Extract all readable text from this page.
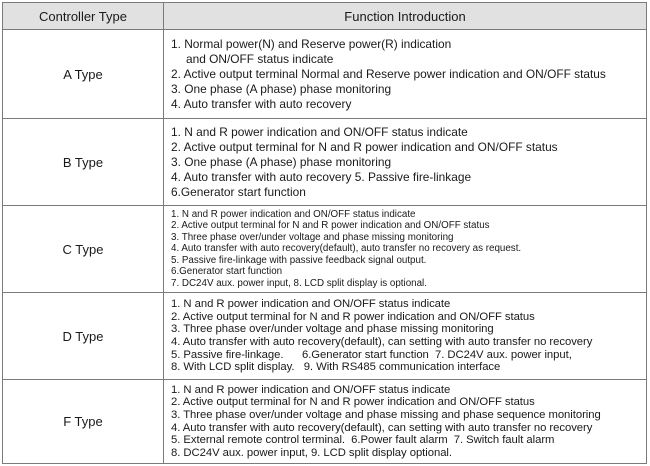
Controller Type	Function Introduction
A Type
1. Normal power(N) and Reserve power(R) indication
and ON/OFF status indicate
2. Active output terminal Normal and Reserve power indication and ON/OFF status
3. One phase (A phase) phase monitoring
4. Auto transfer with auto recovery
B Type
1. N and R power indication and ON/OFF status indicate
2. Active output terminal for N and R power indication and ON/OFF status
3. One phase (A phase) phase monitoring
4. Auto transfer with auto recovery 5. Passive fire-linkage
6.Generator start function
C Type
1. N and R power indication and ON/OFF status indicate
2. Active output terminal for N and R power indication and ON/OFF status
3. Three phase over/under voltage and phase missing monitoring
4. Auto transfer with auto recovery(default), auto transfer no recovery as request.
5. Passive fire-linkage with passive feedback signal output.
6.Generator start function
7. DC24V aux. power input, 8. LCD split display is optional.
D Type
1. N and R power indication and ON/OFF status indicate
2. Active output terminal for N and R power indication and ON/OFF status
3. Three phase over/under voltage and phase missing monitoring
4. Auto transfer with auto recovery(default), can setting with auto transfer no recovery
5. Passive fire-linkage.      6.Generator start function  7. DC24V aux. power input,
8. With LCD split display.   9. With RS485 communication interface
F Type
1. N and R power indication and ON/OFF status indicate
2. Active output terminal for N and R power indication and ON/OFF status
3. Three phase over/under voltage and phase missing and phase sequence monitoring
4. Auto transfer with auto recovery(default), can setting with auto transfer no recovery
5. External remote control terminal.  6.Power fault alarm  7. Switch fault alarm
8. DC24V aux. power input, 9. LCD split display optional.
